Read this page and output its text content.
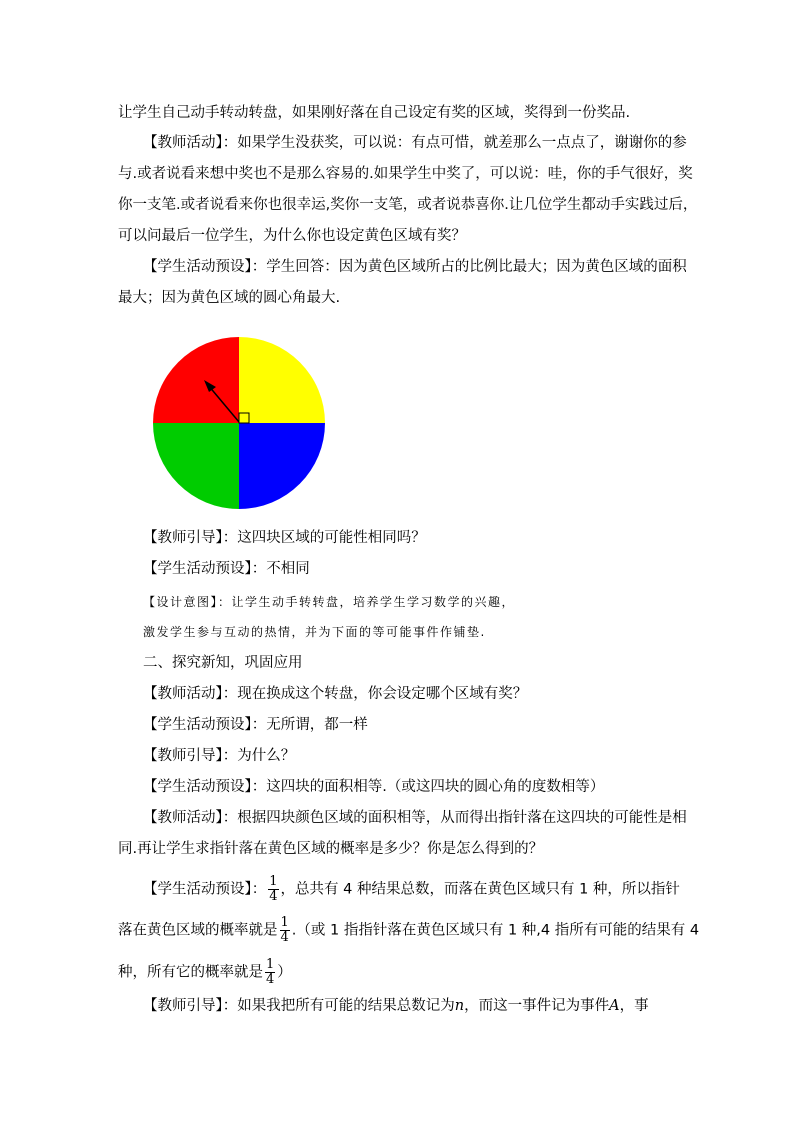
让学生自己动手转动转盘，如果刚好落在自己设定有奖的区域，奖得到一份奖品.
【教师活动】：如果学生没获奖，可以说：有点可惜，就差那么一点点了，谢谢你的参
与.或者说看来想中奖也不是那么容易的.如果学生中奖了，可以说：哇，你的手气很好，奖
你一支笔.或者说看来你也很幸运,奖你一支笔，或者说恭喜你.让几位学生都动手实践过后，
可以问最后一位学生，为什么你也设定黄色区域有奖？
【学生活动预设】：学生回答：因为黄色区域所占的比例比最大；因为黄色区域的面积
最大；因为黄色区域的圆心角最大.
【教师引导】：这四块区域的可能性相同吗？
【学生活动预设】：不相同
【设计意图】：让学生动手转转盘，培养学生学习数学的兴趣，
激发学生参与互动的热情，并为下面的等可能事件作铺垫.
二、探究新知，巩固应用
【教师活动】：现在换成这个转盘，你会设定哪个区域有奖？
【学生活动预设】：无所谓，都一样
【教师引导】：为什么？
【学生活动预设】：这四块的面积相等.（或这四块的圆心角的度数相等）
【教师活动】：根据四块颜色区域的面积相等，从而得出指针落在这四块的可能性是相
同.再让学生求指针落在黄色区域的概率是多少？你是怎么得到的？
【学生活动预设】： $\frac{1}{4}$ ，总共有 4 种结果总数，而落在黄色区域只有 1 种，所以指针
落在黄色区域的概率就是 $\frac{1}{4}$ .（或 1 指指针落在黄色区域只有 1 种,4 指所有可能的结果有 4
种，所有它的概率就是 $\frac{1}{4}$ ）
【教师引导】：如果我把所有可能的结果总数记为n，而这一事件记为事件A，事
